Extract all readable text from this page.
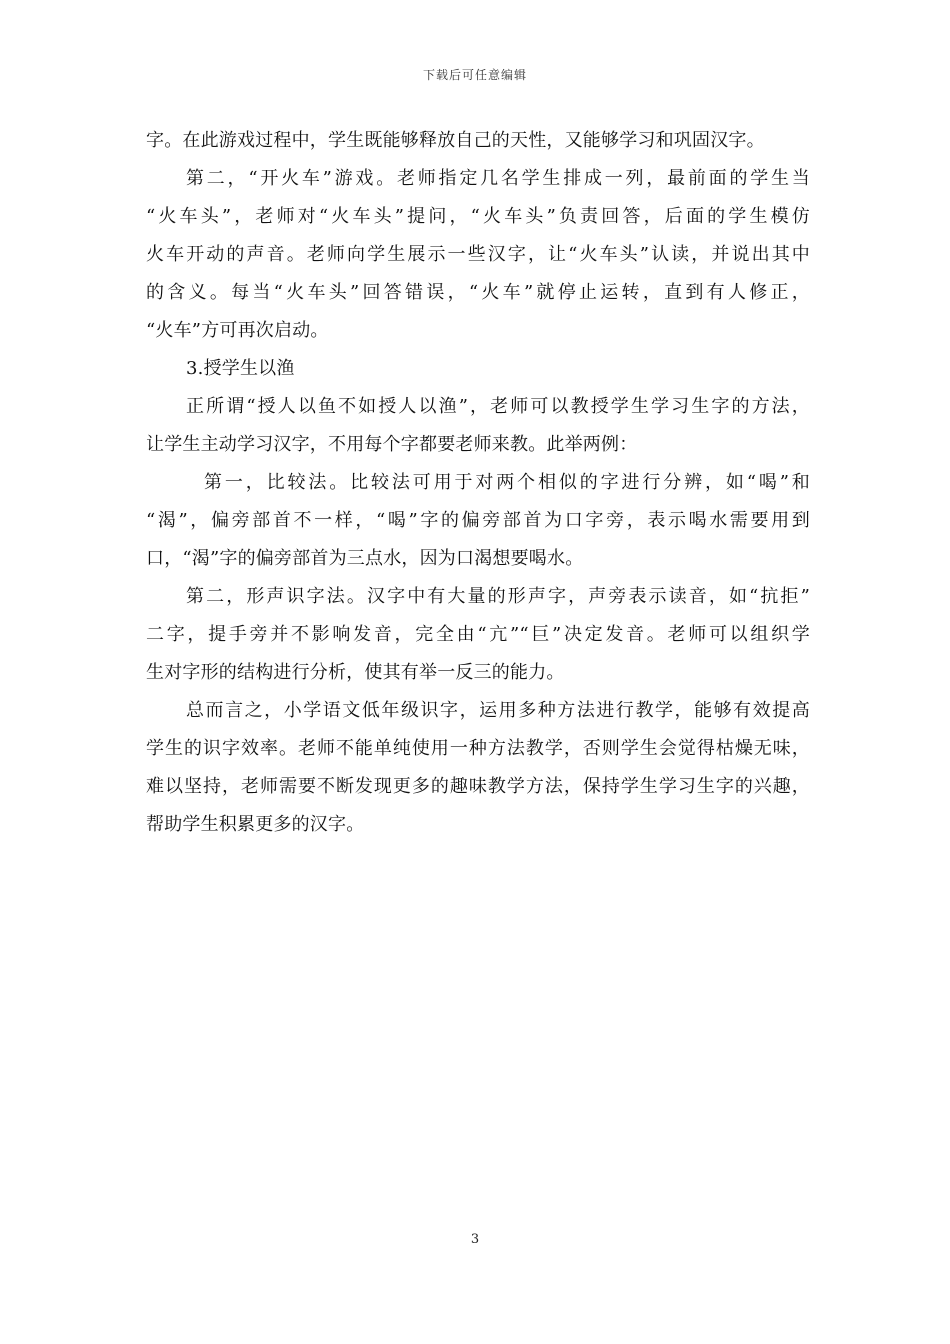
下载后可任意编辑
字。在此游戏过程中，学生既能够释放自己的天性，又能够学习和巩固汉字。
第二，“开火车”游戏。老师指定几名学生排成一列，最前面的学生当
“火车头”，老师对“火车头”提问，“火车头”负责回答，后面的学生模仿
火车开动的声音。老师向学生展示一些汉字，让“火车头”认读，并说出其中
的含义。每当“火车头”回答错误，“火车”就停止运转，直到有人修正，
“火车”方可再次启动。
3.授学生以渔
正所谓“授人以鱼不如授人以渔”，老师可以教授学生学习生字的方法，
让学生主动学习汉字，不用每个字都要老师来教。此举两例：
第一，比较法。比较法可用于对两个相似的字进行分辨，如“喝”和
“渴”，偏旁部首不一样，“喝”字的偏旁部首为口字旁，表示喝水需要用到
口，“渴”字的偏旁部首为三点水，因为口渴想要喝水。
第二，形声识字法。汉字中有大量的形声字，声旁表示读音，如“抗拒”
二字，提手旁并不影响发音，完全由“亢”“巨”决定发音。老师可以组织学
生对字形的结构进行分析，使其有举一反三的能力。
总而言之，小学语文低年级识字，运用多种方法进行教学，能够有效提高
学生的识字效率。老师不能单纯使用一种方法教学，否则学生会觉得枯燥无味，
难以坚持，老师需要不断发现更多的趣味教学方法，保持学生学习生字的兴趣，
帮助学生积累更多的汉字。
3
